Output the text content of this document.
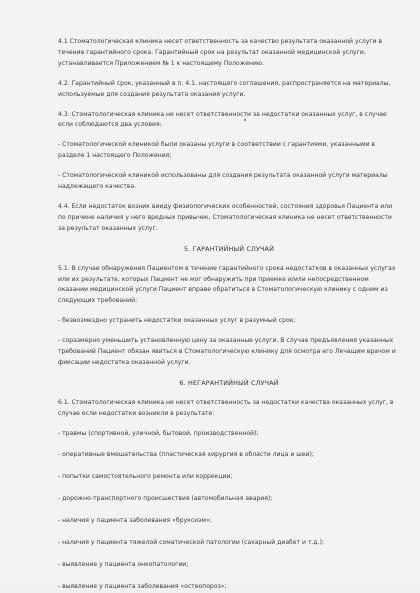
4.1 Стоматологическая клиника несет ответственность за качество результата оказанной услуги в течение гарантийного срока. Гарантийный срок на результат оказанной медицинской услуги, устанавливается Приложением № 1 к настоящему Положению.

4.2. Гарантийный срок, указанный в п. 4.1. настоящего соглашения, распространяется на материалы, используемые для создания результата оказания услуги.

4.3. Стоматологическая клиника не несет ответственности за недостатки оказанных услуг, в случае если соблюдаются два условия:

- Стоматологической клиникой были оказаны услуги в соответствии с гарантиями, указанными в разделе 1 настоящего Положения;

- Стоматологической клиникой использованы для создания результата оказанной услуги материалы надлежащего качества.

4.4. Если недостаток возник вииду физиологических особенностей, состояния здоровья Пациента или по причине наличия у него вредных привычек, Стоматологическая клиника не несет ответственности за результат оказанных услуг.

5. ГАРАНТИЙНЫЙ СЛУЧАЙ

5.1. В случае обнаружения Пациентом в течение гарантийного срока недостатков в оказанных услугах или их результате, которых Пациент не мог обнаружить при приемке и/или непосредственном оказании медицинской услуги Пациент вправе обратиться в Стоматологическую клинику с одним из следующих требований:

- безвозмездно устранить недостатки оказанных услуг в разумный срок;

- соразмерно уменьшить установленную цену за оказанные услуги. В случае предъявления указанных требований Пациент обязан явиться в Стоматологическую клинику для осмотра его Лечащим врачом и фиксации недостатка оказанной услуги.

6. НЕГАРАНТИЙНЫЙ СЛУЧАЙ

6.1. Стоматологическая клиника не несет ответственность за недостатки качества оказанных услуг, в случае если недостатки возникли в результате:

- травмы (спортивной, уличной, бытовой, производственной);

- оперативные вмешательства (пластическая хирургия в области лица и шеи);

- попытки самостоятельного ремонта или коррекции;

- дорожно-транспортного происшествия (автомобильная авария);

- наличия у пациента заболевания «бруксизм»;

- наличия у пациента тяжелой соматической патологии (сахарный диабет и т.д.);

- выявление у пациента онкопатологии;

- выявление у пациента заболевания «остеопороз»;
